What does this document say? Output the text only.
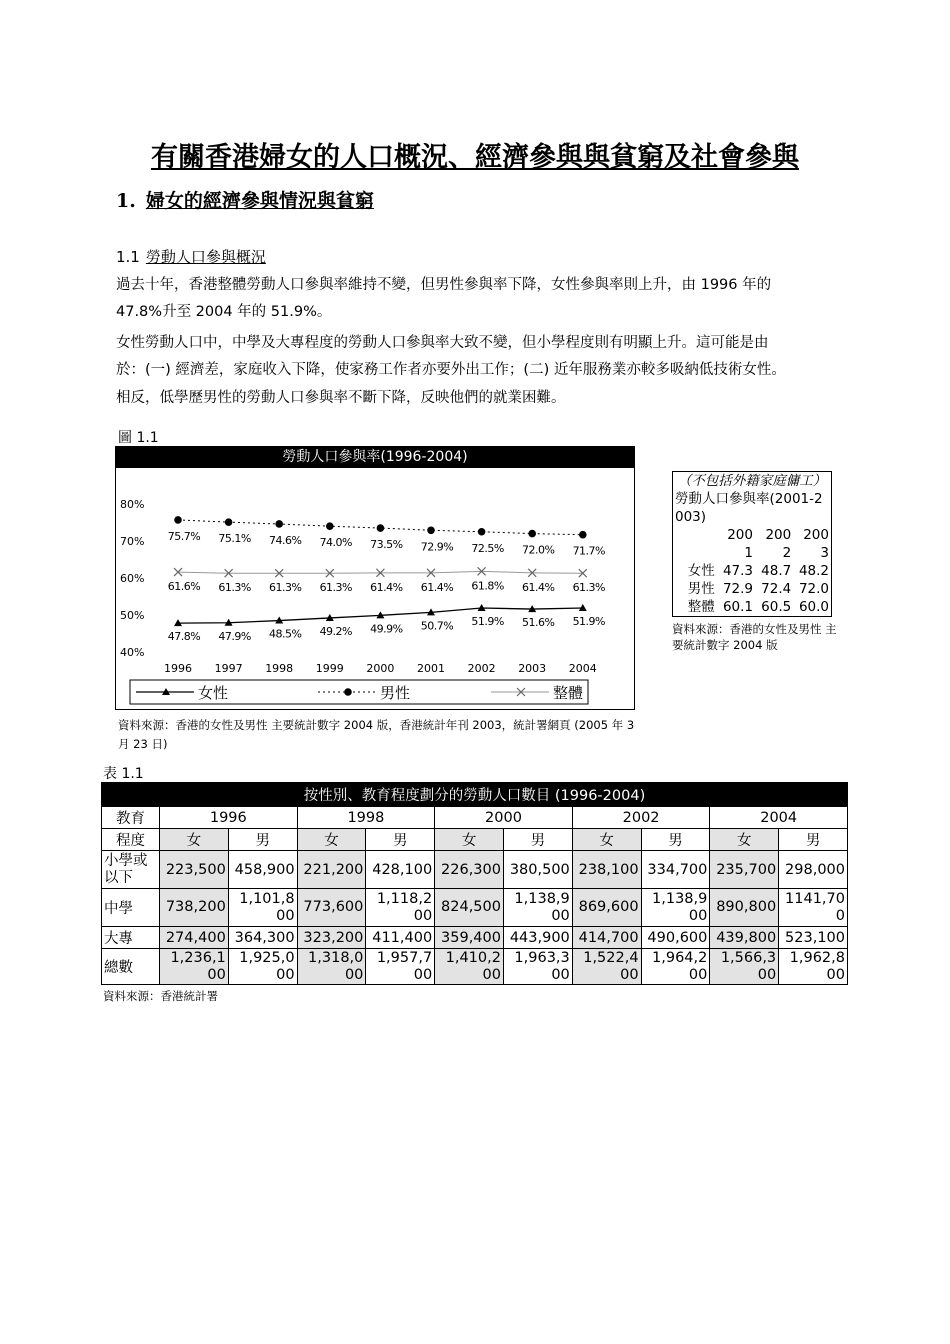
有關香港婦女的人口概況、經濟參與與貧窮及社會參與
1. 婦女的經濟參與情況與貧窮
1.1 勞動人口參與概況
過去十年，香港整體勞動人口參與率維持不變，但男性參與率下降，女性參與率則上升，由 1996 年的
47.8%升至 2004 年的 51.9%。
女性勞動人口中，中學及大專程度的勞動人口參與率大致不變，但小學程度則有明顯上升。這可能是由
於：(一) 經濟差，家庭收入下降，使家務工作者亦要外出工作；(二) 近年服務業亦較多吸納低技術女性。
相反，低學歷男性的勞動人口參與率不斷下降，反映他們的就業困難。
圖 1.1
勞動人口參與率(1996-2004)
80%
70%
60%
50%
40%
1996 1997 1998 1999 2000 2001 2002 2003 2004
47.8% 47.9% 48.5% 49.2% 49.9% 50.7% 51.9% 51.6% 51.9%
75.7% 75.1% 74.6% 74.0% 73.5% 72.9% 72.5% 72.0% 71.7%
61.6% 61.3% 61.3% 61.3% 61.4% 61.4% 61.8% 61.4% 61.3%
女性	男性	整體
資料來源：香港的女性及男性 主要統計數字 2004 版，香港統計年刊 2003，統計署網頁 (2005 年 3 月 23 日)
（不包括外籍家庭傭工）
勞動人口參與率(2001-2003)			
	2001	2002	2003
女性	47.3	48.7	48.2
男性	72.9	72.4	72.0
整體	60.1	60.5	60.0
資料來源：香港的女性及男性 主要統計數字 2004 版
表 1.1
按性別、教育程度劃分的勞動人口數目 (1996-2004)										
教育	1996		1998		2000		2002		2004	
程度	女	男	女	男	女	男	女	男	女	男
小學或以下	223,500	458,900	221,200	428,100	226,300	380,500	238,100	334,700	235,700	298,000
中學	738,200	1,101,800	773,600	1,118,200	824,500	1,138,900	869,600	1,138,900	890,800	1141,700
大專	274,400	364,300	323,200	411,400	359,400	443,900	414,700	490,600	439,800	523,100
總數	1,236,100	1,925,000	1,318,000	1,957,700	1,410,200	1,963,300	1,522,400	1,964,200	1,566,300	1,962,800
資料來源：香港統計署
